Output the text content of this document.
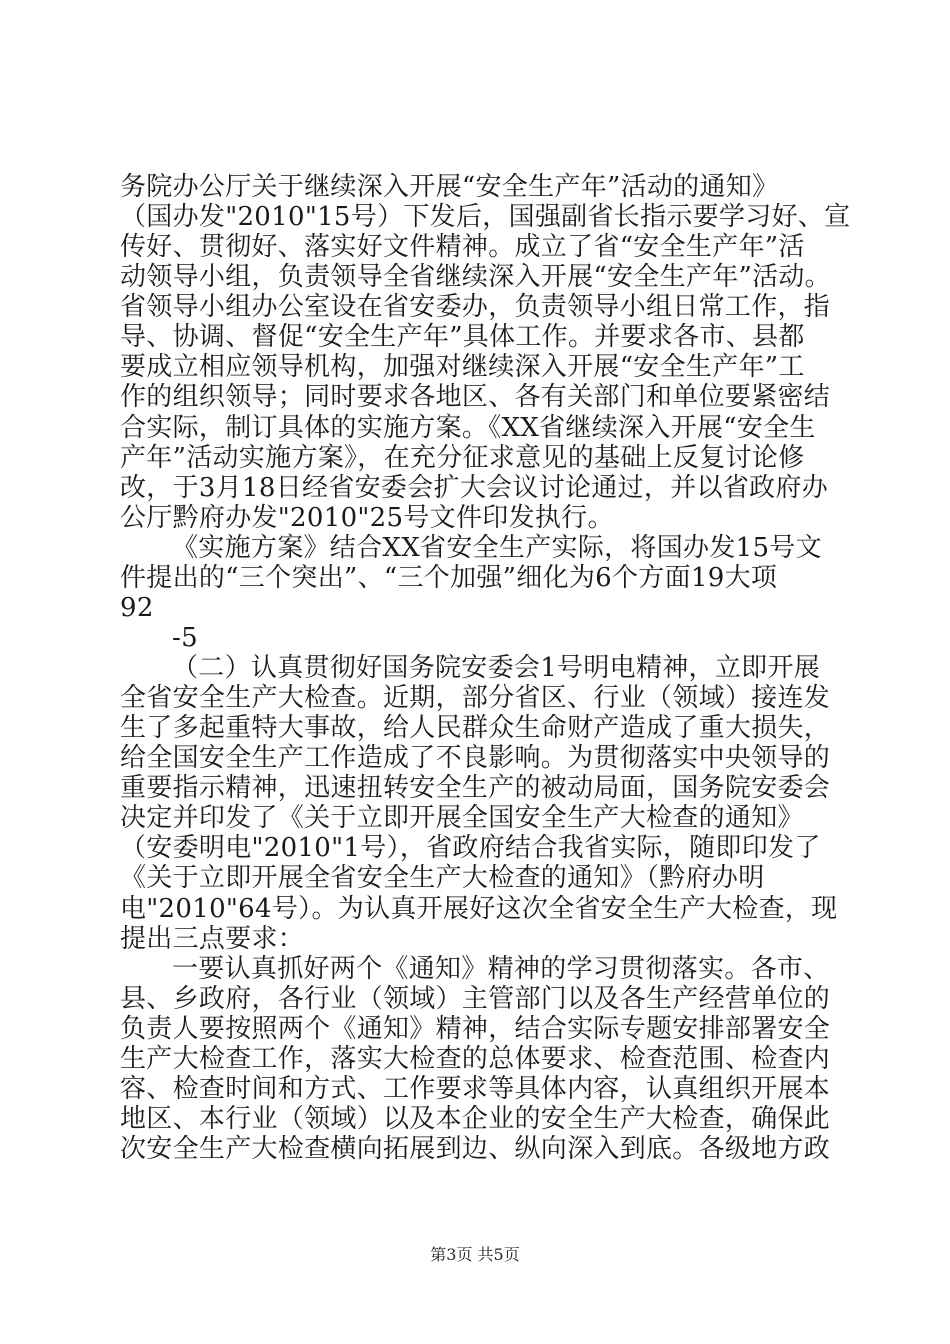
务院办公厅关于继续深入开展“安全生产年”活动的通知》
（国办发"2010"15号）下发后，国强副省长指示要学习好、宣
传好、贯彻好、落实好文件精神。成立了省“安全生产年”活
动领导小组，负责领导全省继续深入开展“安全生产年”活动。
省领导小组办公室设在省安委办，负责领导小组日常工作，指
导、协调、督促“安全生产年”具体工作。并要求各市、县都
要成立相应领导机构，加强对继续深入开展“安全生产年”工
作的组织领导；同时要求各地区、各有关部门和单位要紧密结
合实际，制订具体的实施方案。《XX省继续深入开展“安全生
产年”活动实施方案》，在充分征求意见的基础上反复讨论修
改，于3月18日经省安委会扩大会议讨论通过，并以省政府办
公厅黔府办发"2010"25号文件印发执行。
《实施方案》结合XX省安全生产实际，将国办发15号文
件提出的“三个突出”、“三个加强”细化为6个方面19大项
92
-5
（二）认真贯彻好国务院安委会1号明电精神，立即开展
全省安全生产大检查。近期，部分省区、行业（领域）接连发
生了多起重特大事故，给人民群众生命财产造成了重大损失，
给全国安全生产工作造成了不良影响。为贯彻落实中央领导的
重要指示精神，迅速扭转安全生产的被动局面，国务院安委会
决定并印发了《关于立即开展全国安全生产大检查的通知》
（安委明电"2010"1号），省政府结合我省实际，随即印发了
《关于立即开展全省安全生产大检查的通知》（黔府办明
电"2010"64号）。为认真开展好这次全省安全生产大检查，现
提出三点要求：
一要认真抓好两个《通知》精神的学习贯彻落实。各市、
县、乡政府，各行业（领域）主管部门以及各生产经营单位的
负责人要按照两个《通知》精神，结合实际专题安排部署安全
生产大检查工作，落实大检查的总体要求、检查范围、检查内
容、检查时间和方式、工作要求等具体内容，认真组织开展本
地区、本行业（领域）以及本企业的安全生产大检查，确保此
次安全生产大检查横向拓展到边、纵向深入到底。各级地方政
第3页 共5页
